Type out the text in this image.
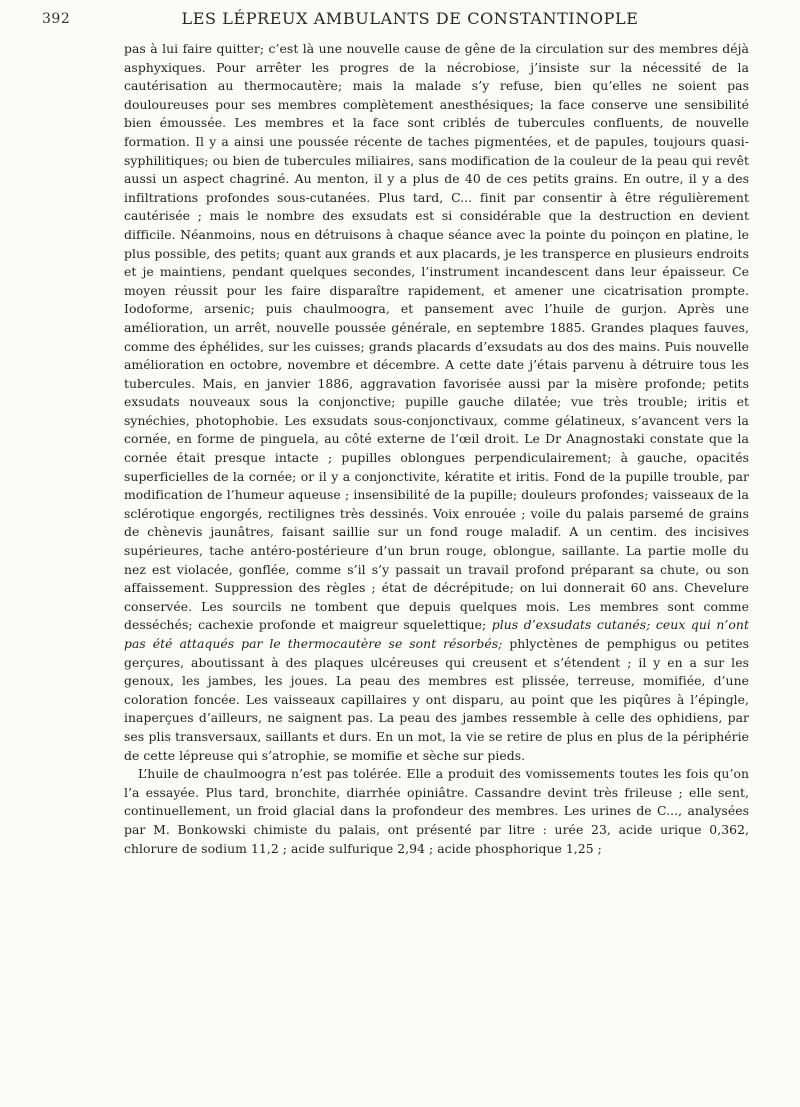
392	LES LÉPREUX AMBULANTS DE CONSTANTINOPLE

pas à lui faire quitter; c’est là une nouvelle cause de gêne de la circulation sur des membres déjà asphyxiques. Pour arrêter les progres de la nécrobiose, j’insiste sur la nécessité de la cautérisation au thermocautère; mais la malade s’y refuse, bien qu’elles ne soient pas douloureuses pour ses membres complètement anesthésiques; la face conserve une sensibilité bien émoussée. Les membres et la face sont criblés de tubercules confluents, de nouvelle formation. Il y a ainsi une poussée récente de taches pigmentées, et de papules, toujours quasi-syphilitiques; ou bien de tubercules miliaires, sans modification de la couleur de la peau qui revêt aussi un aspect chagriné. Au menton, il y a plus de 40 de ces petits grains. En outre, il y a des infiltrations profondes sous-cutanées. Plus tard, C... finit par consentir à être régulièrement cautérisée ; mais le nombre des exsudats est si considérable que la destruction en devient difficile. Néanmoins, nous en détruisons à chaque séance avec la pointe du poinçon en platine, le plus possible, des petits; quant aux grands et aux placards, je les transperce en plusieurs endroits et je maintiens, pendant quelques secondes, l’instrument incandescent dans leur épaisseur. Ce moyen réussit pour les faire disparaître rapidement, et amener une cicatrisation prompte. Iodoforme, arsenic; puis chaulmoogra, et pansement avec l’huile de gurjon. Après une amélioration, un arrêt, nouvelle poussée générale, en septembre 1885. Grandes plaques fauves, comme des éphélides, sur les cuisses; grands placards d’exsudats au dos des mains. Puis nouvelle amélioration en octobre, novembre et décembre. A cette date j’étais parvenu à détruire tous les tubercules. Mais, en janvier 1886, aggravation favorisée aussi par la misère profonde; petits exsudats nouveaux sous la conjonctive; pupille gauche dilatée; vue très trouble; iritis et synéchies, photophobie. Les exsudats sous-conjonctivaux, comme gélatineux, s’avancent vers la cornée, en forme de pinguela, au côté externe de l’œil droit. Le Dr Anagnostaki constate que la cornée était presque intacte ; pupilles oblongues perpendiculairement; à gauche, opacités superficielles de la cornée; or il y a conjonctivite, kératite et iritis. Fond de la pupille trouble, par modification de l’humeur aqueuse ; insensibilité de la pupille; douleurs profondes; vaisseaux de la sclérotique engorgés, rectilignes très dessinés. Voix enrouée ; voile du palais parsemé de grains de chènevis jaunâtres, faisant saillie sur un fond rouge maladif. A un centim. des incisives supérieures, tache antéro-postérieure d’un brun rouge, oblongue, saillante. La partie molle du nez est violacée, gonflée, comme s’il s’y passait un travail profond préparant sa chute, ou son affaissement. Suppression des règles ; état de décrépitude; on lui donnerait 60 ans. Chevelure conservée. Les sourcils ne tombent que depuis quelques mois. Les membres sont comme desséchés; cachexie profonde et maigreur squelettique; plus d’exsudats cutanés; ceux qui n’ont pas été attaqués par le thermocautère se sont résorbés; phlyctènes de pemphigus ou petites gerçures, aboutissant à des plaques ulcéreuses qui creusent et s’étendent ; il y en a sur les genoux, les jambes, les joues. La peau des membres est plissée, terreuse, momifiée, d’une coloration foncée. Les vaisseaux capillaires y ont disparu, au point que les piqûres à l’épingle, inaperçues d’ailleurs, ne saignent pas. La peau des jambes ressemble à celle des ophidiens, par ses plis transversaux, saillants et durs. En un mot, la vie se retire de plus en plus de la périphérie de cette lépreuse qui s’atrophie, se momifie et sèche sur pieds.

L’huile de chaulmoogra n’est pas tolérée. Elle a produit des vomissements toutes les fois qu’on l’a essayée. Plus tard, bronchite, diarrhée opiniâtre. Cassandre devint très frileuse ; elle sent, continuellement, un froid glacial dans la profondeur des membres. Les urines de C..., analysées par M. Bonkowski chimiste du palais, ont présenté par litre : urée 23, acide urique 0,362, chlorure de sodium 11,2 ; acide sulfurique 2,94 ; acide phosphorique 1,25 ;
